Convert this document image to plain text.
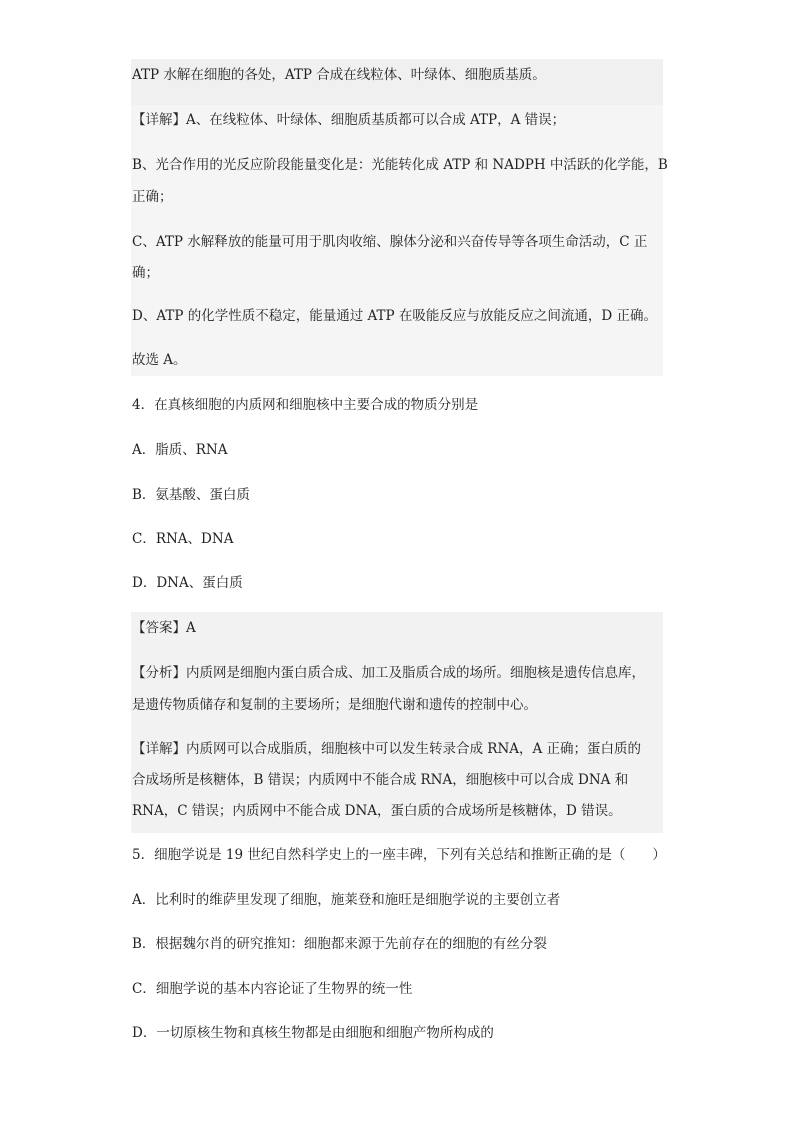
ATP 水解在细胞的各处，ATP 合成在线粒体、叶绿体、细胞质基质。
【详解】A、在线粒体、叶绿体、细胞质基质都可以合成 ATP，A 错误；
B、光合作用的光反应阶段能量变化是：光能转化成 ATP 和 NADPH 中活跃的化学能，B
正确；
C、ATP 水解释放的能量可用于肌肉收缩、腺体分泌和兴奋传导等各项生命活动，C 正
确；
D、ATP 的化学性质不稳定，能量通过 ATP 在吸能反应与放能反应之间流通，D 正确。
故选 A。
4．在真核细胞的内质网和细胞核中主要合成的物质分别是
A．脂质、RNA
B．氨基酸、蛋白质
C．RNA、DNA
D．DNA、蛋白质
【答案】A
【分析】内质网是细胞内蛋白质合成、加工及脂质合成的场所。细胞核是遗传信息库，
是遗传物质储存和复制的主要场所；是细胞代谢和遗传的控制中心。
【详解】内质网可以合成脂质，细胞核中可以发生转录合成 RNA，A 正确；蛋白质的
合成场所是核糖体，B 错误；内质网中不能合成 RNA，细胞核中可以合成 DNA 和
RNA，C 错误；内质网中不能合成 DNA，蛋白质的合成场所是核糖体，D 错误。
5．细胞学说是 19 世纪自然科学史上的一座丰碑，下列有关总结和推断正确的是（　　）
A．比利时的维萨里发现了细胞，施莱登和施旺是细胞学说的主要创立者
B．根据魏尔肖的研究推知：细胞都来源于先前存在的细胞的有丝分裂
C．细胞学说的基本内容论证了生物界的统一性
D．一切原核生物和真核生物都是由细胞和细胞产物所构成的
